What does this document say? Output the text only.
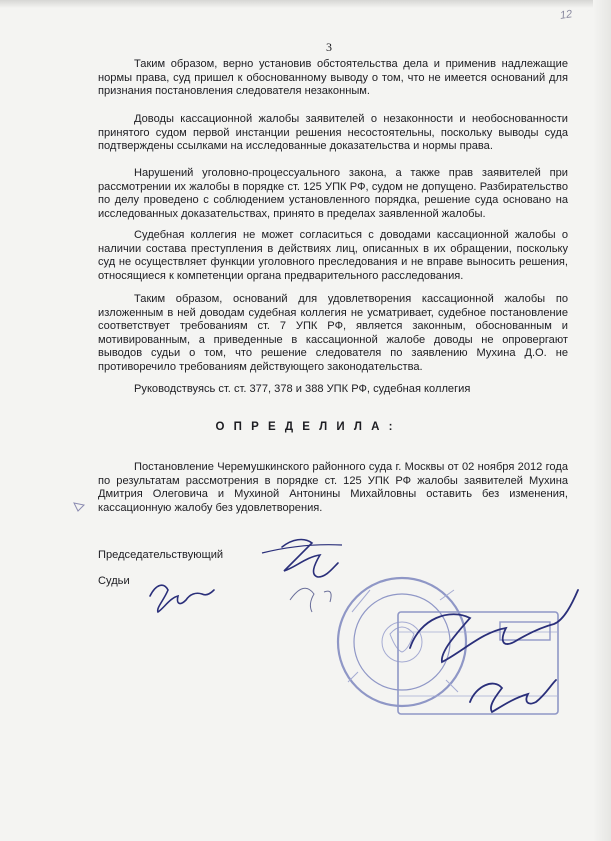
12
3

Таким образом, верно установив обстоятельства дела и применив надлежащие нормы права, суд пришел к обоснованному выводу о том, что не имеется оснований для признания постановления следователя незаконным.

Доводы кассационной жалобы заявителей о незаконности и необоснованности принятого судом первой инстанции решения несостоятельны, поскольку выводы суда подтверждены ссылками на исследованные доказательства и нормы права.

Нарушений уголовно-процессуального закона, а также прав заявителей при рассмотрении их жалобы в порядке ст. 125 УПК РФ, судом не допущено. Разбирательство по делу проведено с соблюдением установленного порядка, решение суда основано на исследованных доказательствах, принято в пределах заявленной жалобы.

Судебная коллегия не может согласиться с доводами кассационной жалобы о наличии состава преступления в действиях лиц, описанных в их обращении, поскольку суд не осуществляет функции уголовного преследования и не вправе выносить решения, относящиеся к компетенции органа предварительного расследования.

Таким образом, оснований для удовлетворения кассационной жалобы по изложенным в ней доводам судебная коллегия не усматривает, судебное постановление соответствует требованиям ст. 7 УПК РФ, является законным, обоснованным и мотивированным, а приведенные в кассационной жалобе доводы не опровергают выводов судьи о том, что решение следователя по заявлению Мухина Д.О. не противоречило требованиям действующего законодательства.

Руководствуясь ст. ст. 377, 378 и 388 УПК РФ, судебная коллегия

О П Р Е Д Е Л И Л А :

Постановление Черемушкинского районного суда г. Москвы от 02 ноября 2012 года по результатам рассмотрения в порядке ст. 125 УПК РФ жалобы заявителей Мухина Дмитрия Олеговича и Мухиной Антонины Михайловны оставить без изменения, кассационную жалобу без удовлетворения.

Председательствующий
Судьи
